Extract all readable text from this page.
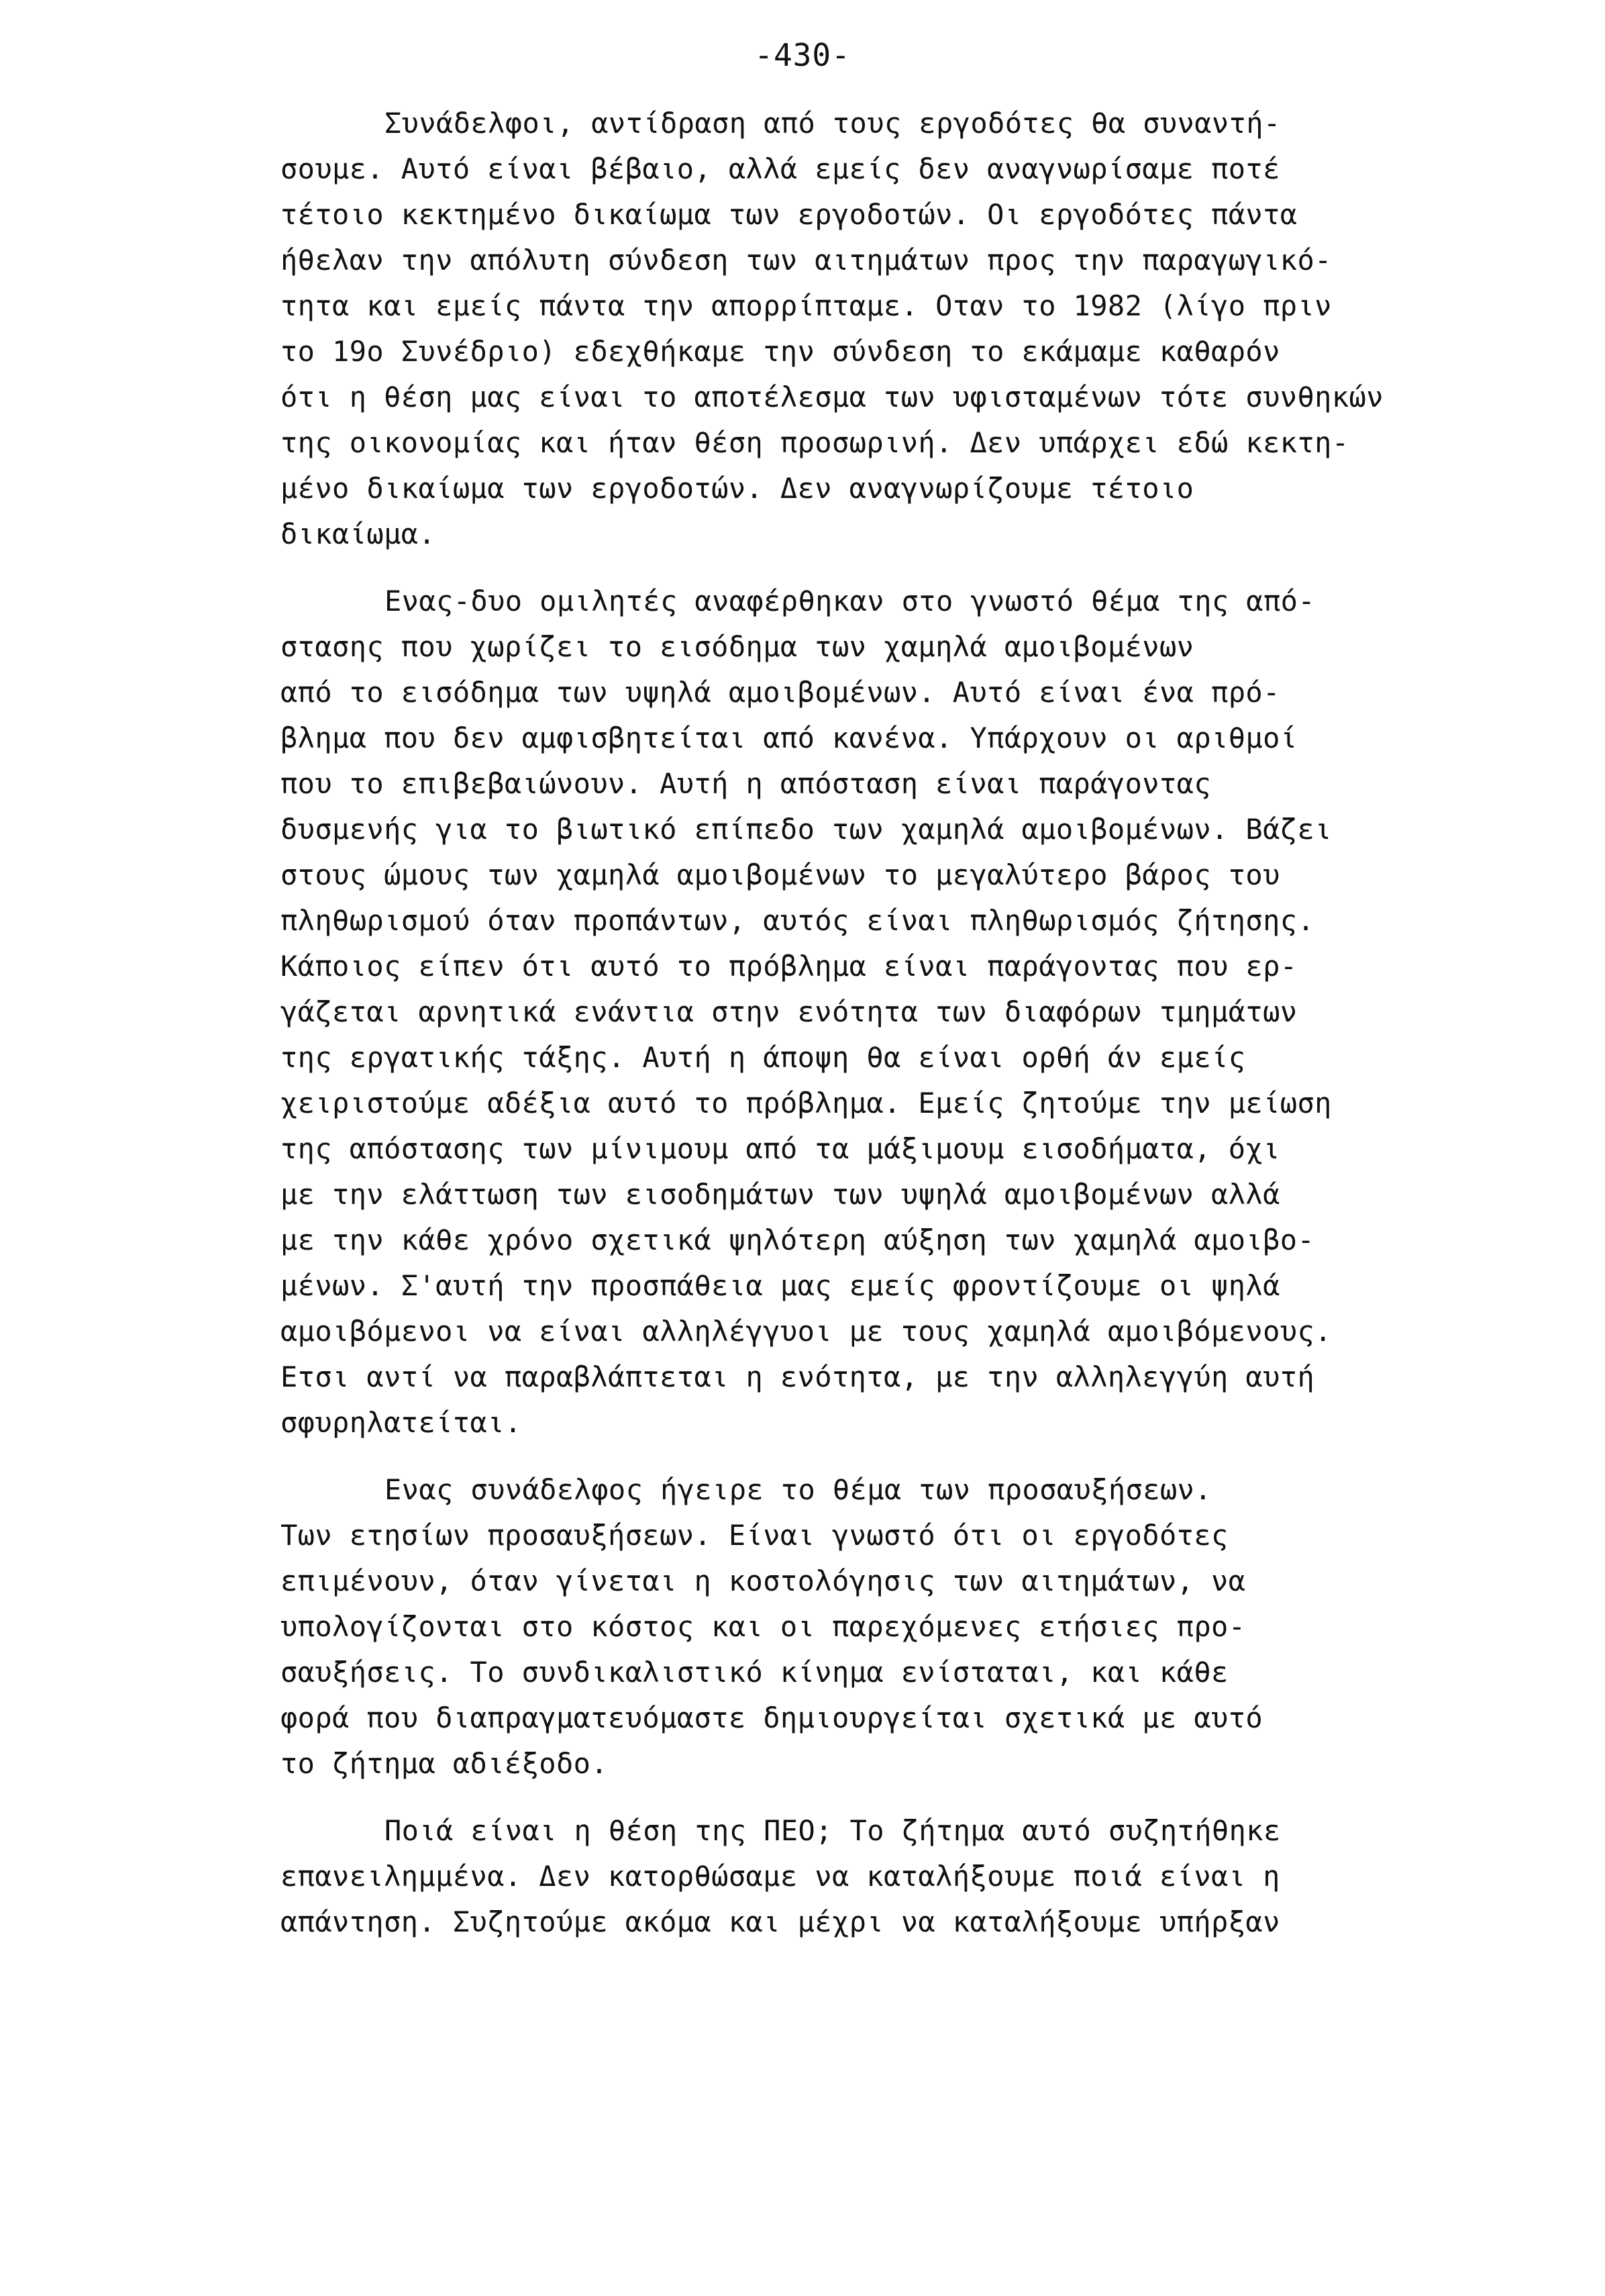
-430-
Συνάδελφοι, αντίδραση από τους εργοδότες θα συναντή-
σουμε. Αυτό είναι βέβαιο, αλλά εμείς δεν αναγνωρίσαμε ποτέ
τέτοιο κεκτημένο δικαίωμα των εργοδοτών. Οι εργοδότες πάντα
ήθελαν την απόλυτη σύνδεση των αιτημάτων προς την παραγωγικό-
τητα και εμείς πάντα την απορρίπταμε. Οταν το 1982 (λίγο πριν
το 19ο Συνέδριο) εδεχθήκαμε την σύνδεση το εκάμαμε καθαρόν
ότι η θέση μας είναι το αποτέλεσμα των υφισταμένων τότε συνθηκών
της οικονομίας και ήταν θέση προσωρινή. Δεν υπάρχει εδώ κεκτη-
μένο δικαίωμα των εργοδοτών. Δεν αναγνωρίζουμε τέτοιο
δικαίωμα.
Ενας-δυο ομιλητές αναφέρθηκαν στο γνωστό θέμα της από-
στασης που χωρίζει το εισόδημα των χαμηλά αμοιβομένων
από το εισόδημα των υψηλά αμοιβομένων. Αυτό είναι ένα πρό-
βλημα που δεν αμφισβητείται από κανένα. Υπάρχουν οι αριθμοί
που το επιβεβαιώνουν. Αυτή η απόσταση είναι παράγοντας
δυσμενής για το βιωτικό επίπεδο των χαμηλά αμοιβομένων. Βάζει
στους ώμους των χαμηλά αμοιβομένων το μεγαλύτερο βάρος του
πληθωρισμού όταν προπάντων, αυτός είναι πληθωρισμός ζήτησης.
Κάποιος είπεν ότι αυτό το πρόβλημα είναι παράγοντας που ερ-
γάζεται αρνητικά ενάντια στην ενότητα των διαφόρων τμημάτων
της εργατικής τάξης. Αυτή η άποψη θα είναι ορθή άν εμείς
χειριστούμε αδέξια αυτό το πρόβλημα. Εμείς ζητούμε την μείωση
της απόστασης των μίνιμουμ από τα μάξιμουμ εισοδήματα, όχι
με την ελάττωση των εισοδημάτων των υψηλά αμοιβομένων αλλά
με την κάθε χρόνο σχετικά ψηλότερη αύξηση των χαμηλά αμοιβο-
μένων. Σ'αυτή την προσπάθεια μας εμείς φροντίζουμε οι ψηλά
αμοιβόμενοι να είναι αλληλέγγυοι με τους χαμηλά αμοιβόμενους.
Ετσι αντί να παραβλάπτεται η ενότητα, με την αλληλεγγύη αυτή
σφυρηλατείται.
Ενας συνάδελφος ήγειρε το θέμα των προσαυξήσεων.
Των ετησίων προσαυξήσεων. Είναι γνωστό ότι οι εργοδότες
επιμένουν, όταν γίνεται η κοστολόγησις των αιτημάτων, να
υπολογίζονται στο κόστος και οι παρεχόμενες ετήσιες προ-
σαυξήσεις. Το συνδικαλιστικό κίνημα ενίσταται, και κάθε
φορά που διαπραγματευόμαστε δημιουργείται σχετικά με αυτό
το ζήτημα αδιέξοδο.
Ποιά είναι η θέση της ΠΕΟ; Το ζήτημα αυτό συζητήθηκε
επανειλημμένα. Δεν κατορθώσαμε να καταλήξουμε ποιά είναι η
απάντηση. Συζητούμε ακόμα και μέχρι να καταλήξουμε υπήρξαν
